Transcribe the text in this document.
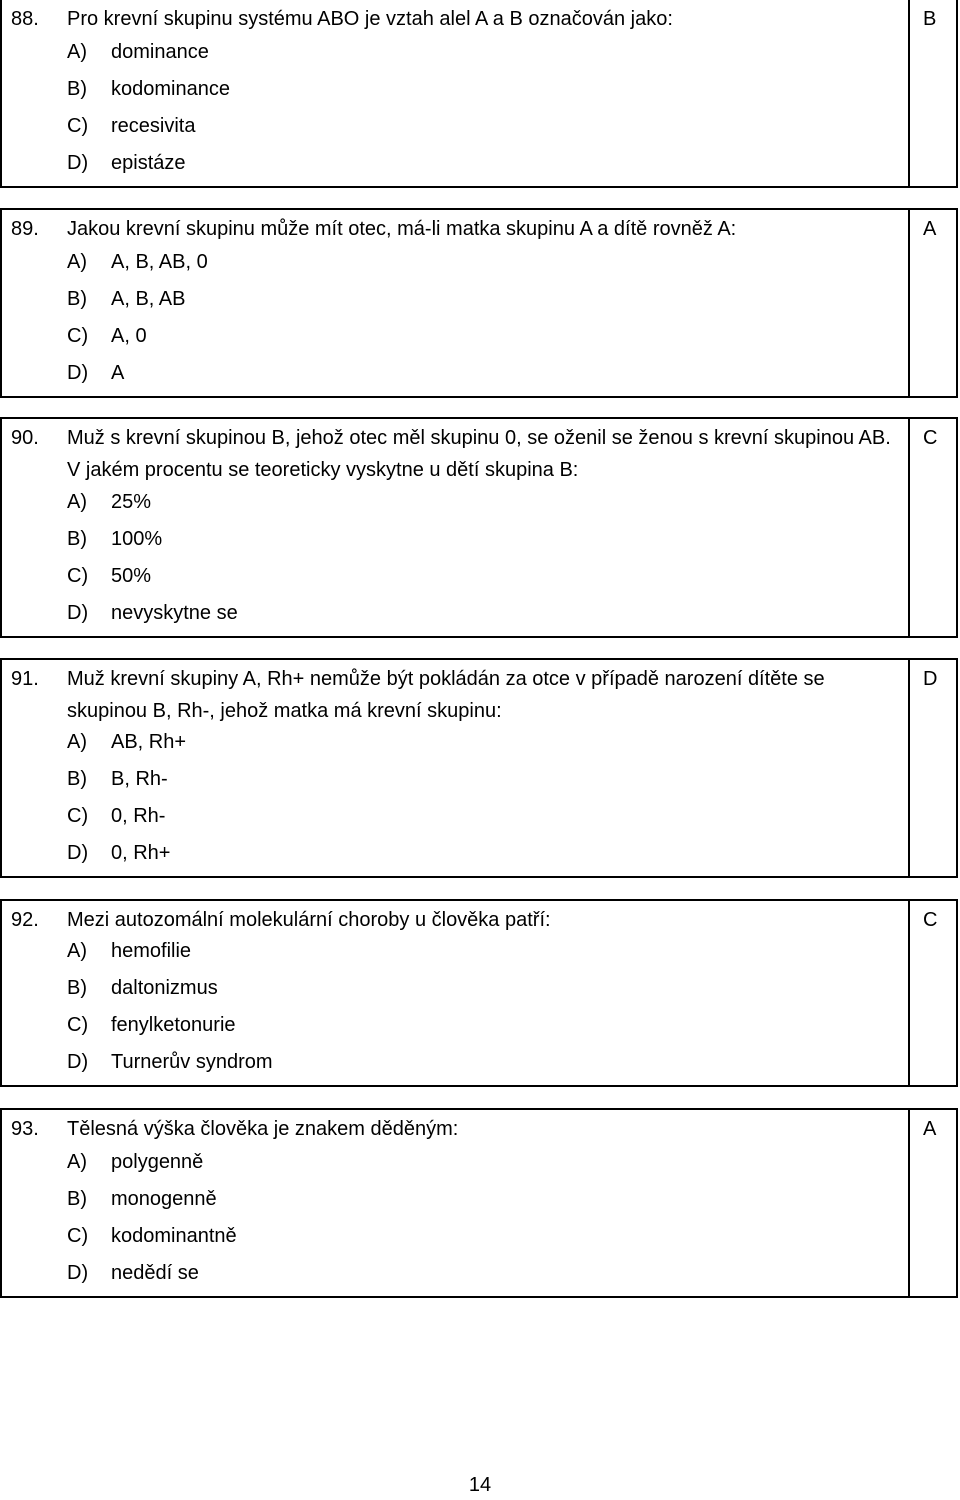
88. Pro krevní skupinu systému ABO je vztah alel A a B označován jako:
A) dominance
B) kodominance
C) recesivita
D) epistáze
B
89. Jakou krevní skupinu může mít otec, má-li matka skupinu A a dítě rovněž A:
A) A, B, AB, 0
B) A, B, AB
C) A, 0
D) A
A
90. Muž s krevní skupinou B, jehož otec měl skupinu 0, se oženil se ženou s krevní skupinou AB. V jakém procentu se teoreticky vyskytne u dětí skupina B:
A) 25%
B) 100%
C) 50%
D) nevyskytne se
C
91. Muž krevní skupiny A, Rh+ nemůže být pokládán za otce v případě narození dítěte se skupinou B, Rh-, jehož matka má krevní skupinu:
A) AB, Rh+
B) B, Rh-
C) 0, Rh-
D) 0, Rh+
D
92. Mezi autozomální molekulární choroby u člověka patří:
A) hemofilie
B) daltonizmus
C) fenylketonurie
D) Turnerův syndrom
C
93. Tělesná výška člověka je znakem děděným:
A) polygenně
B) monogenně
C) kodominantně
D) nedědí se
A
14
